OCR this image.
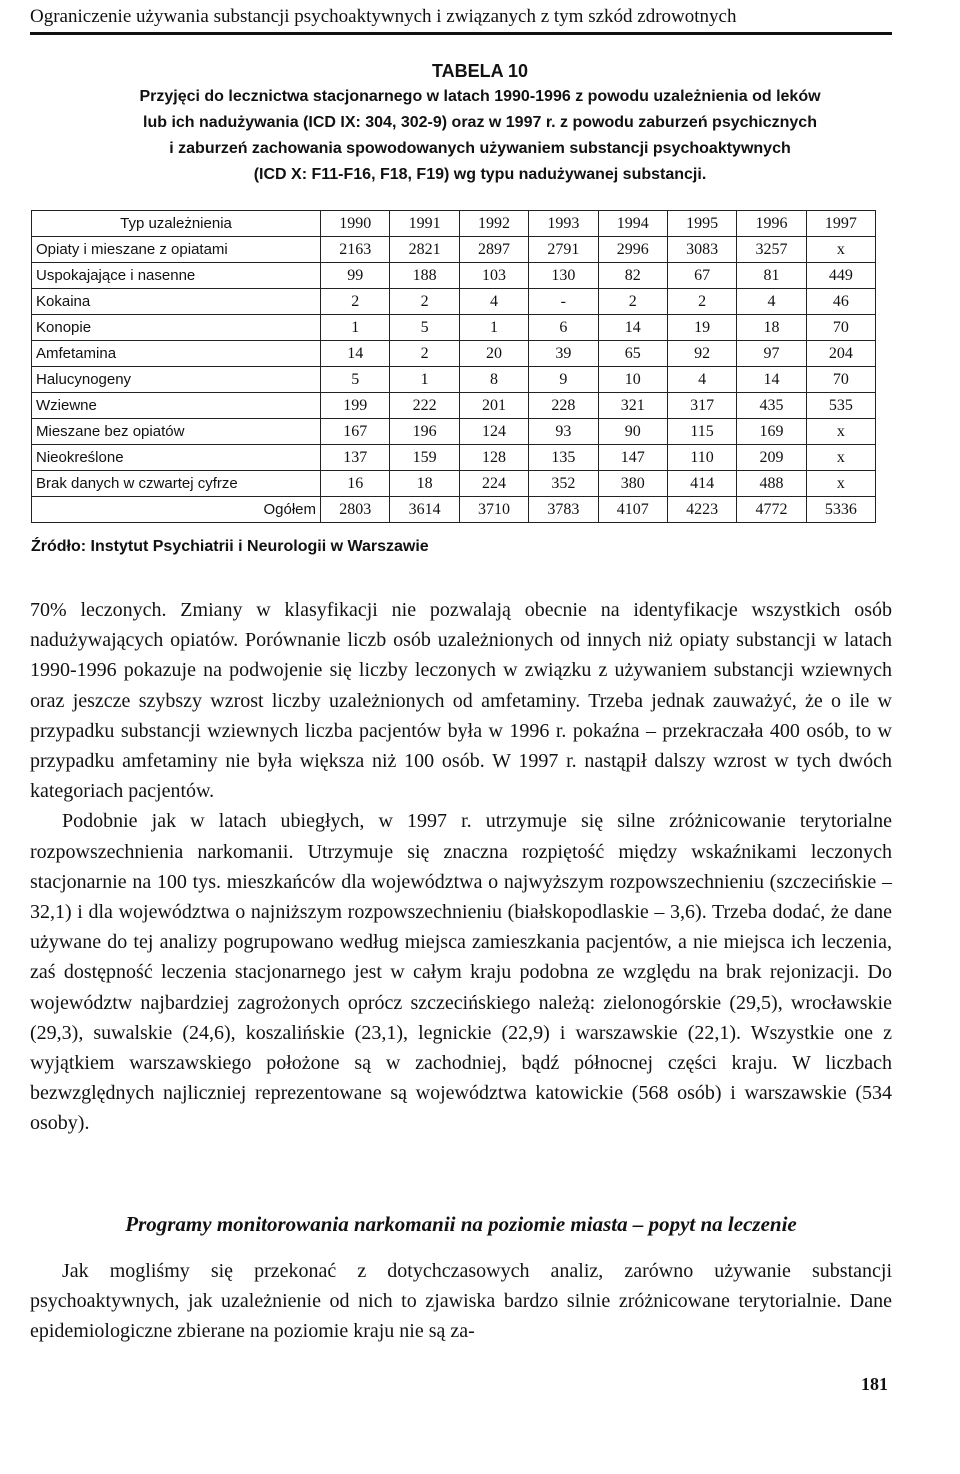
Ograniczenie używania substancji psychoaktywnych i związanych z tym szkód zdrowotnych
TABELA 10
Przyjęci do lecznictwa stacjonarnego w latach 1990-1996 z powodu uzależnienia od leków
lub ich nadużywania (ICD IX: 304, 302-9) oraz w 1997 r. z powodu zaburzeń psychicznych
i zaburzeń zachowania spowodowanych używaniem substancji psychoaktywnych
(ICD X: F11-F16, F18, F19) wg typu nadużywanej substancji.
Typ uzależnienia	1990	1991	1992	1993	1994	1995	1996	1997
Opiaty i mieszane z opiatami	2163	2821	2897	2791	2996	3083	3257	x
Uspokajające i nasenne	99	188	103	130	82	67	81	449
Kokaina	2	2	4	-	2	2	4	46
Konopie	1	5	1	6	14	19	18	70
Amfetamina	14	2	20	39	65	92	97	204
Halucynogeny	5	1	8	9	10	4	14	70
Wziewne	199	222	201	228	321	317	435	535
Mieszane bez opiatów	167	196	124	93	90	115	169	x
Nieokreślone	137	159	128	135	147	110	209	x
Brak danych w czwartej cyfrze	16	18	224	352	380	414	488	x
Ogółem	2803	3614	3710	3783	4107	4223	4772	5336
Źródło: Instytut Psychiatrii i Neurologii w Warszawie

70% leczonych. Zmiany w klasyfikacji nie pozwalają obecnie na identyfikacje wszystkich osób nadużywających opiatów. Porównanie liczb osób uzależnionych od innych niż opiaty substancji w latach 1990-1996 pokazuje na podwojenie się liczby leczonych w związku z używaniem substancji wziewnych oraz jeszcze szybszy wzrost liczby uzależnionych od amfetaminy. Trzeba jednak zauważyć, że o ile w przypadku substancji wziewnych liczba pacjentów była w 1996 r. pokaźna – przekraczała 400 osób, to w przypadku amfetaminy nie była większa niż 100 osób. W 1997 r. nastąpił dalszy wzrost w tych dwóch kategoriach pacjentów.

Podobnie jak w latach ubiegłych, w 1997 r. utrzymuje się silne zróżnicowanie terytorialne rozpowszechnienia narkomanii. Utrzymuje się znaczna rozpiętość między wskaźnikami leczonych stacjonarnie na 100 tys. mieszkańców dla województwa o najwyższym rozpowszechnieniu (szczecińskie – 32,1) i dla województwa o najniższym rozpowszechnieniu (białskopodlaskie – 3,6). Trzeba dodać, że dane używane do tej analizy pogrupowano według miejsca zamieszkania pacjentów, a nie miejsca ich leczenia, zaś dostępność leczenia stacjonarnego jest w całym kraju podobna ze względu na brak rejonizacji. Do województw najbardziej zagrożonych oprócz szczecińskiego należą: zielonogórskie (29,5), wrocławskie (29,3), suwalskie (24,6), koszalińskie (23,1), legnickie (22,9) i warszawskie (22,1). Wszystkie one z wyjątkiem warszawskiego położone są w zachodniej, bądź północnej części kraju. W liczbach bezwzględnych najliczniej reprezentowane są województwa katowickie (568 osób) i warszawskie (534 osoby).

Programy monitorowania narkomanii na poziomie miasta – popyt na leczenie

Jak mogliśmy się przekonać z dotychczasowych analiz, zarówno używanie substancji psychoaktywnych, jak uzależnienie od nich to zjawiska bardzo silnie zróżnicowane terytorialnie. Dane epidemiologiczne zbierane na poziomie kraju nie są za-

181
